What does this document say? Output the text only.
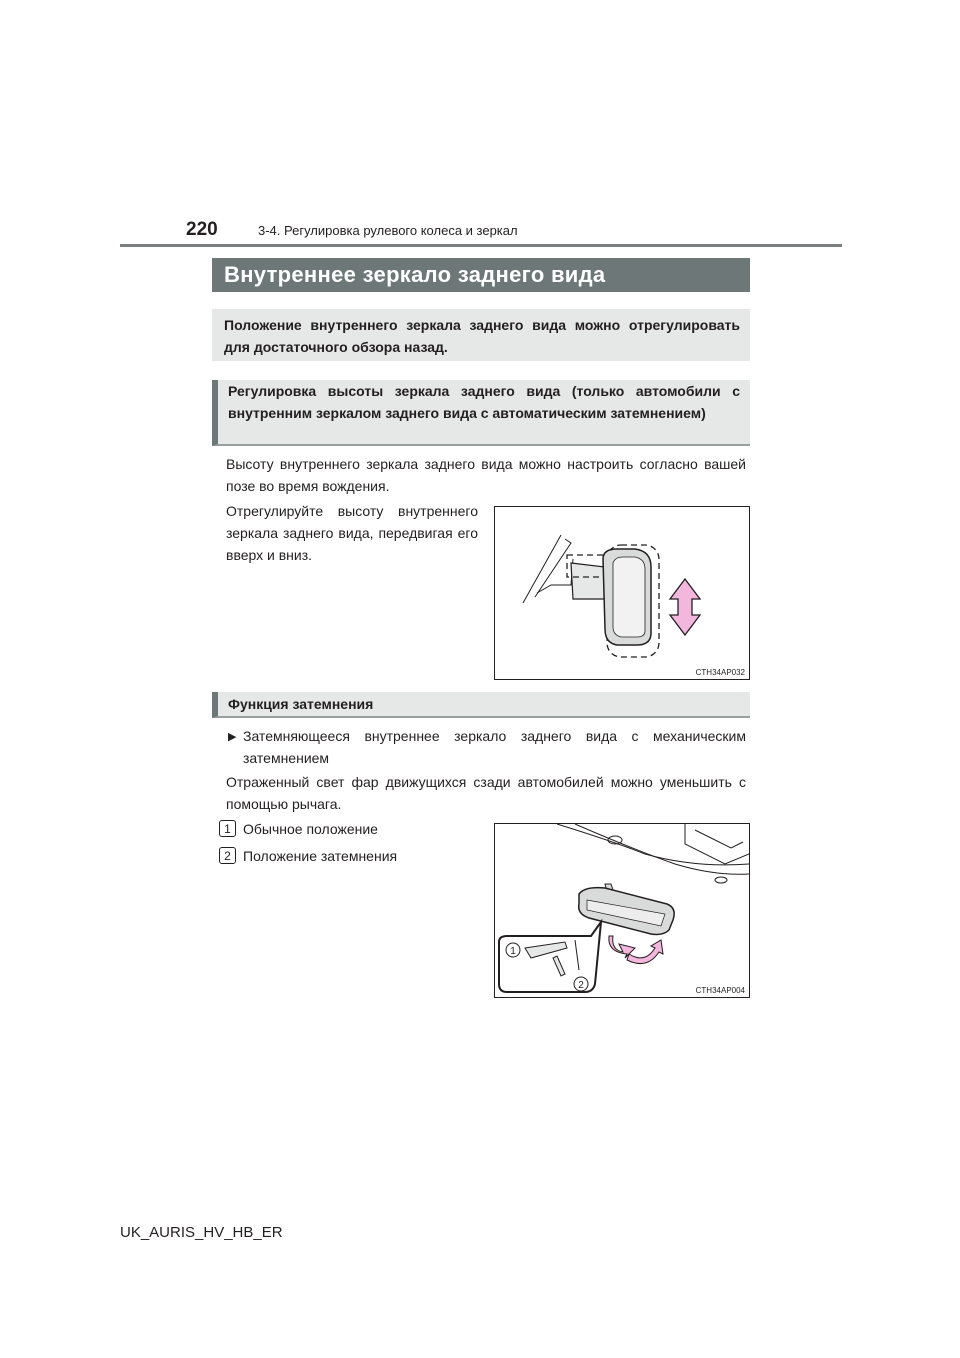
220	3-4. Регулировка рулевого колеса и зеркал
Внутреннее зеркало заднего вида
Положение внутреннего зеркала заднего вида можно отрегулировать для достаточного обзора назад.
Регулировка высоты зеркала заднего вида (только автомобили с внутренним зеркалом заднего вида с автоматическим затемнением)
Высоту внутреннего зеркала заднего вида можно настроить согласно вашей позе во время вождения.
Отрегулируйте высоту внутреннего зеркала заднего вида, передвигая его вверх и вниз.
CTH34AP032
Функция затемнения
▶ Затемняющееся внутреннее зеркало заднего вида с механическим затемнением
Отраженный свет фар движущихся сзади автомобилей можно уменьшить с помощью рычага.
1 Обычное положение
2 Положение затемнения
1
2	CTH34AP004
UK_AURIS_HV_HB_ER
